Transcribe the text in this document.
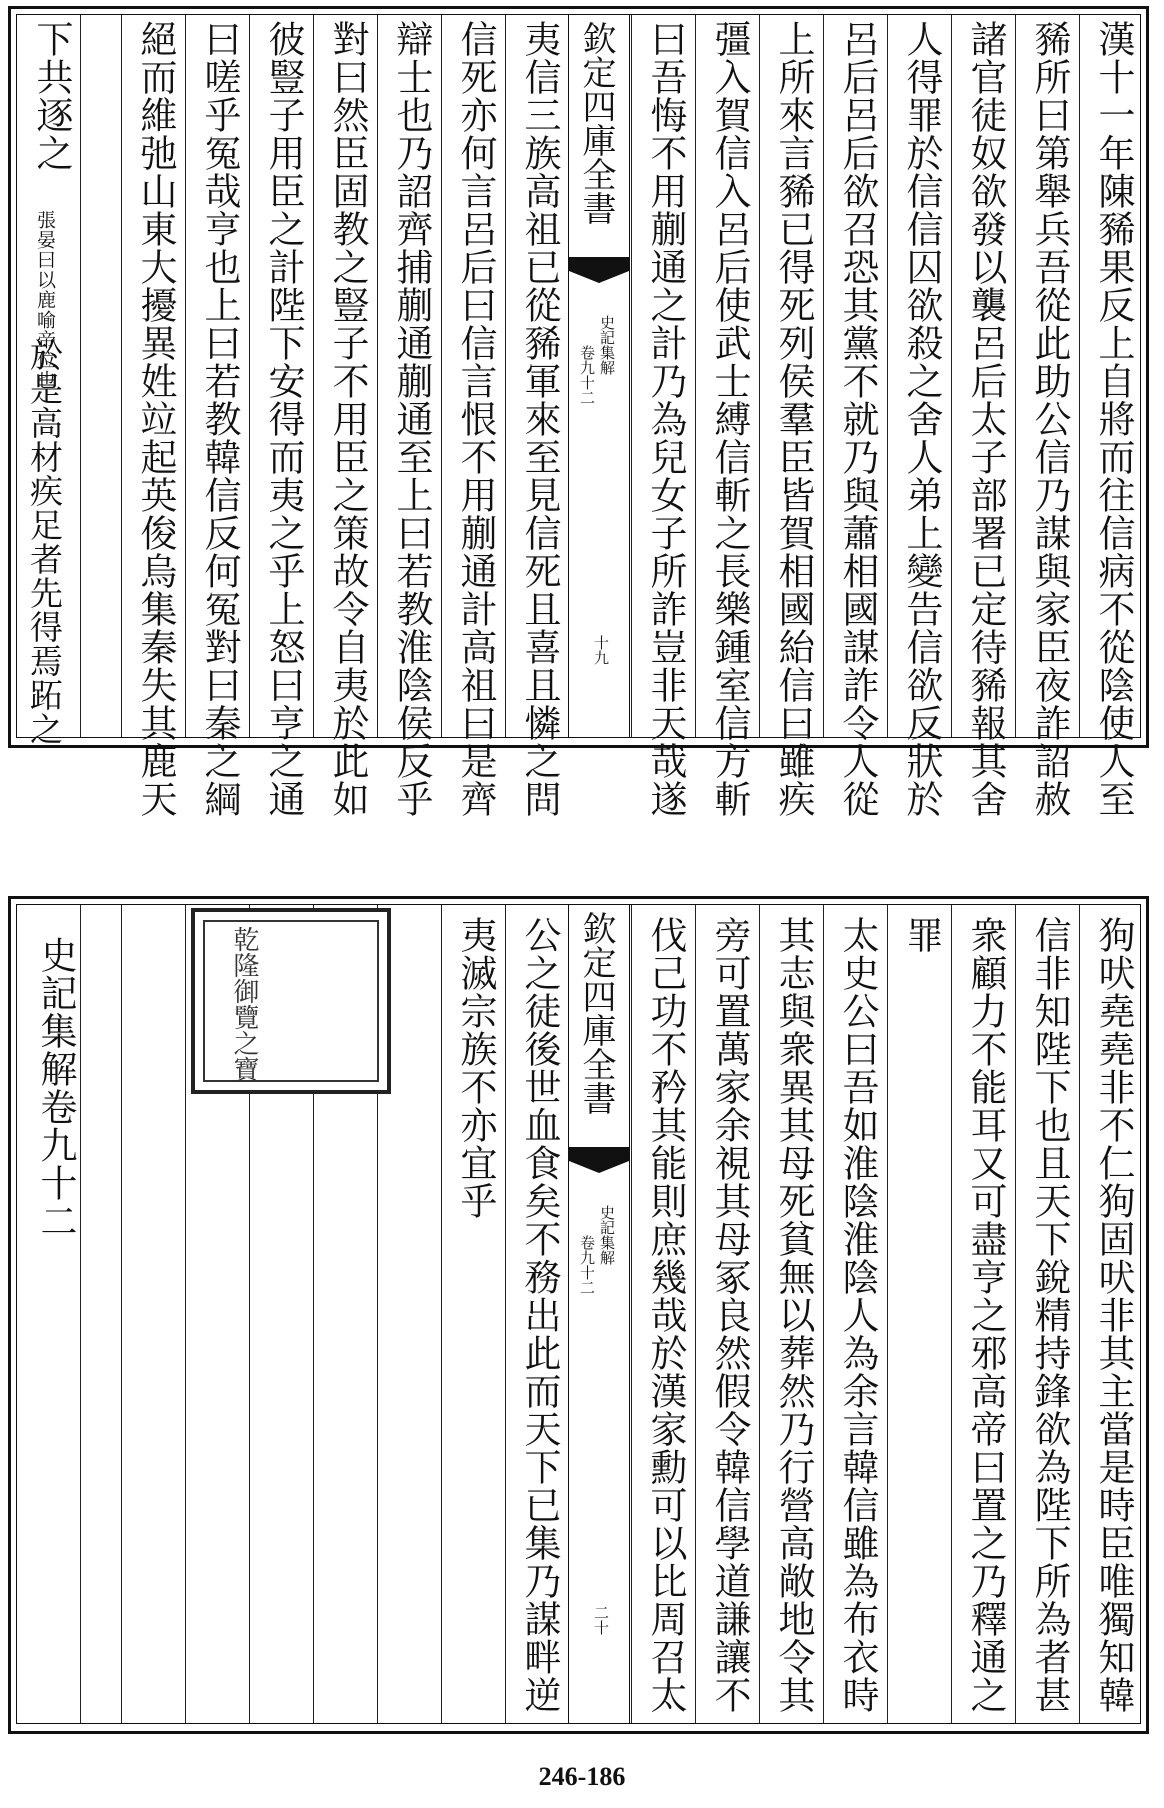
漢十一年陳豨果反上自將而往信病不從陰使人至
豨所曰第舉兵吾從此助公信乃謀與家臣夜詐詔赦
諸官徒奴欲發以襲呂后太子部署已定待豨報其舍
人得罪於信信囚欲殺之舍人弟上變告信欲反狀於
呂后呂后欲召恐其黨不就乃與蕭相國謀詐令人從
上所來言豨已得死列侯羣臣皆賀相國紿信曰雖疾
彊入賀信入呂后使武士縛信斬之長樂鍾室信方斬
曰吾悔不用蒯通之計乃為兒女子所詐豈非天哉遂
欽定四庫全書
史記集解
卷九十二
十九
夷信三族高祖已從豨軍來至見信死且喜且憐之問
信死亦何言呂后曰信言恨不用蒯通計高祖曰是齊
辯士也乃詔齊捕蒯通蒯通至上曰若教淮陰侯反乎
對曰然臣固教之豎子不用臣之策故令自夷於此如
彼豎子用臣之計陛下安得而夷之乎上怒曰亨之通
曰嗟乎冤哉亨也上曰若教韓信反何冤對曰秦之綱
絕而維弛山東大擾異姓竝起英俊烏集秦失其鹿天
下共逐之
張晏曰以鹿喻帝位也
於是高材疾足者先得焉跖之
狗吠堯堯非不仁狗固吠非其主當是時臣唯獨知韓
信非知陛下也且天下銳精持鋒欲為陛下所為者甚
衆顧力不能耳又可盡亨之邪高帝曰置之乃釋通之
罪
太史公曰吾如淮陰淮陰人為余言韓信雖為布衣時
其志與衆異其母死貧無以葬然乃行營高敞地令其
旁可置萬家余視其母冢良然假令韓信學道謙讓不
伐己功不矜其能則庶幾哉於漢家勳可以比周召太
欽定四庫全書
史記集解
卷九十二
二十
公之徒後世血食矣不務出此而天下已集乃謀畔逆
夷滅宗族不亦宜乎
乾隆御覽之寶
史記集解卷九十二
246-186
